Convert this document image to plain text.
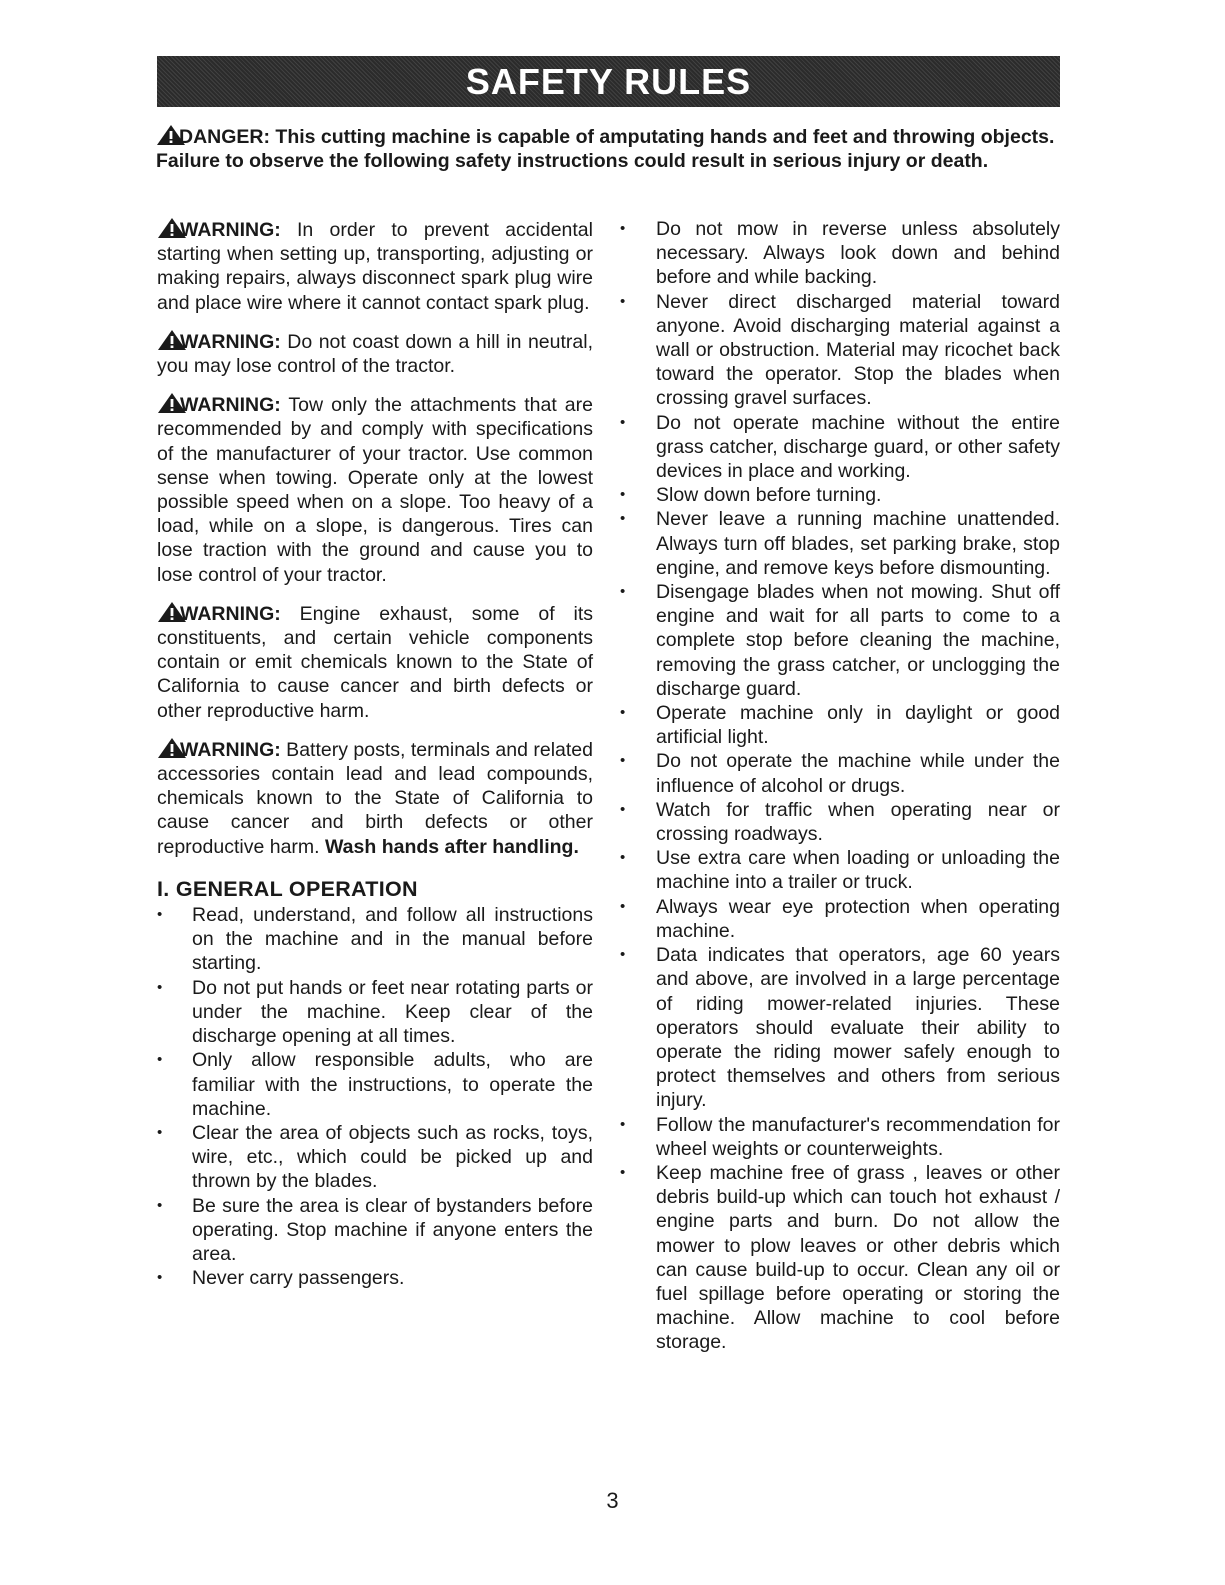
SAFETY RULES
DANGER: This cutting machine is capable of amputating hands and feet and throwing objects. Failure to observe the following safety instructions could result in serious injury or death.
WARNING: In order to prevent accidental starting when setting up, transporting, adjusting or making repairs, always disconnect spark plug wire and place wire where it cannot contact spark plug.
WARNING: Do not coast down a hill in neutral, you may lose control of the tractor.
WARNING: Tow only the attachments that are recommended by and comply with specifications of the manufacturer of your tractor. Use common sense when towing. Operate only at the lowest possible speed when on a slope. Too heavy of a load, while on a slope, is dangerous. Tires can lose traction with the ground and cause you to lose control of your tractor.
WARNING: Engine exhaust, some of its constituents, and certain vehicle components contain or emit chemicals known to the State of California to cause cancer and birth defects or other reproductive harm.
WARNING: Battery posts, terminals and related accessories contain lead and lead compounds, chemicals known to the State of California to cause cancer and birth defects or other reproductive harm. Wash hands after handling.
I. GENERAL OPERATION
•	Read, understand, and follow all instructions on the machine and in the manual before starting.
•	Do not put hands or feet near rotating parts or under the machine. Keep clear of the discharge opening at all times.
•	Only allow responsible adults, who are familiar with the instructions, to operate the machine.
•	Clear the area of objects such as rocks, toys, wire, etc., which could be picked up and thrown by the blades.
•	Be sure the area is clear of bystanders before operating. Stop machine if anyone enters the area.
•	Never carry passengers.
•	Do not mow in reverse unless absolutely necessary. Always look down and behind before and while backing.
•	Never direct discharged material toward anyone. Avoid discharging material against a wall or obstruction. Material may ricochet back toward the operator. Stop the blades when crossing gravel surfaces.
•	Do not operate machine without the entire grass catcher, discharge guard, or other safety devices in place and working.
•	Slow down before turning.
•	Never leave a running machine unattended. Always turn off blades, set parking brake, stop engine, and remove keys before dismounting.
•	Disengage blades when not mowing. Shut off engine and wait for all parts to come to a complete stop before cleaning the machine, removing the grass catcher, or unclogging the discharge guard.
•	Operate machine only in daylight or good artificial light.
•	Do not operate the machine while under the influence of alcohol or drugs.
•	Watch for traffic when operating near or crossing roadways.
•	Use extra care when loading or unloading the machine into a trailer or truck.
•	Always wear eye protection when operating machine.
•	Data indicates that operators, age 60 years and above, are involved in a large percentage of riding mower-related injuries. These operators should evaluate their ability to operate the riding mower safely enough to protect themselves and others from serious injury.
•	Follow the manufacturer's recommendation for wheel weights or counterweights.
•	Keep machine free of grass , leaves or other debris build-up which can touch hot exhaust / engine parts and burn. Do not allow the mower to plow leaves or other debris which can cause build-up to occur. Clean any oil or fuel spillage before operating or storing the machine. Allow machine to cool before storage.
3
